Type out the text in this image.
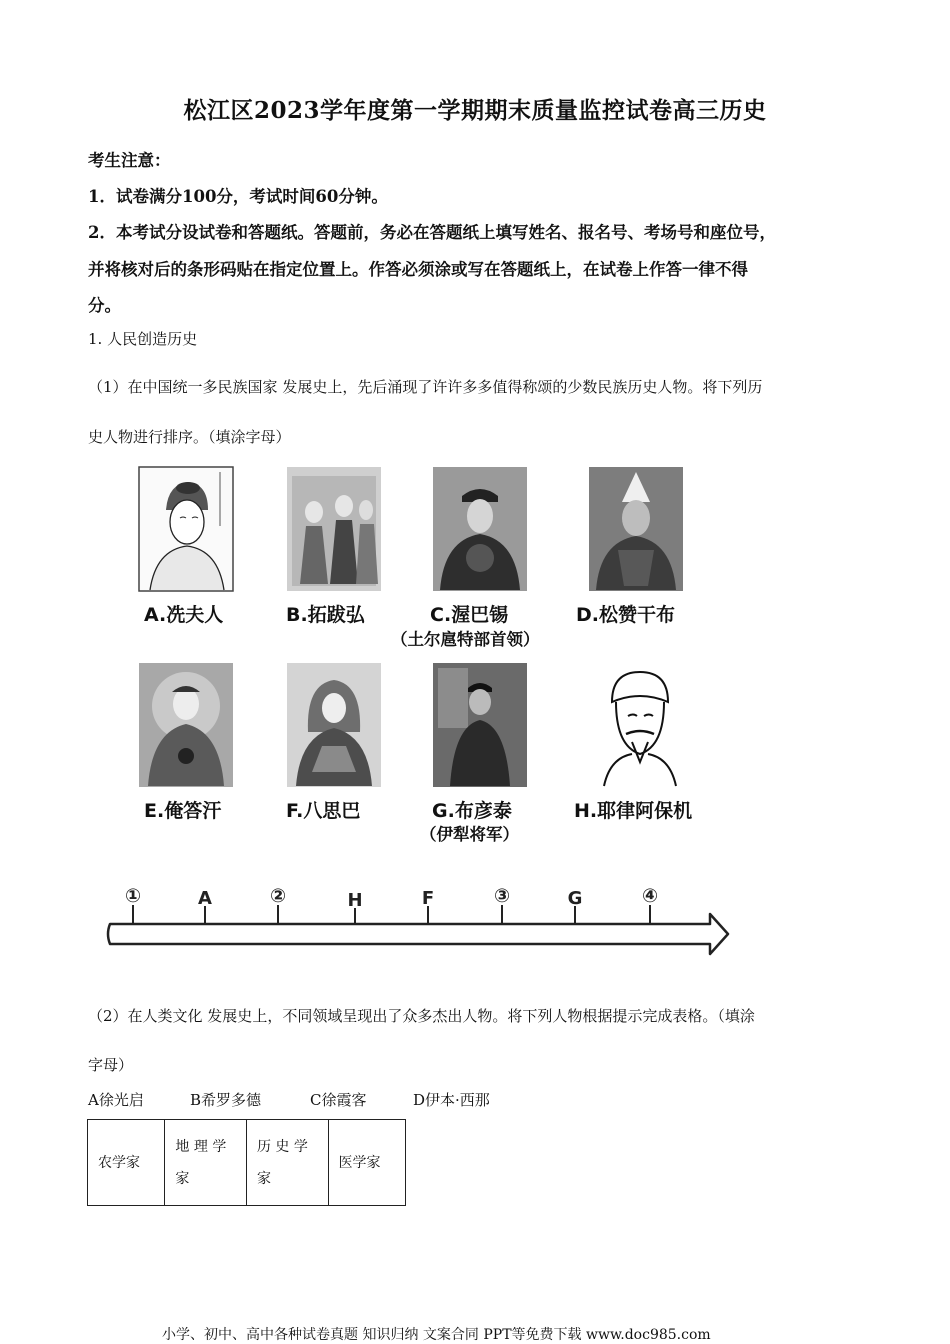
松江区2023学年度第一学期期末质量监控试卷高三历史
考生注意：
1．试卷满分100分，考试时间60分钟。
2．本考试分设试卷和答题纸。答题前，务必在答题纸上填写姓名、报名号、考场号和座位号，
并将核对后的条形码贴在指定位置上。作答必须涂或写在答题纸上，在试卷上作答一律不得
分。
1. 人民创造历史
（1）在中国统一多民族国家 发展史上，先后涌现了许许多多值得称颂的少数民族历史人物。将下列历
史人物进行排序。（填涂字母）
A.冼夫人	B.拓跋弘	C.渥巴锡	D.松赞干布
（土尔扈特部首领）
E.俺答汗	F.八思巴	G.布彦泰	H.耶律阿保机
（伊犁将军）
①	A	②	H	F	③	G	④
（2）在人类文化 发展史上，不同领域呈现出了众多杰出人物。将下列人物根据提示完成表格。（填涂
字母）
A徐光启	B希罗多德	C徐霞客	D伊本·西那
农学家	地 理 学 家	历 史 学 家	医学家
小学、初中、高中各种试卷真题 知识归纳 文案合同 PPT等免费下载 www.doc985.com
